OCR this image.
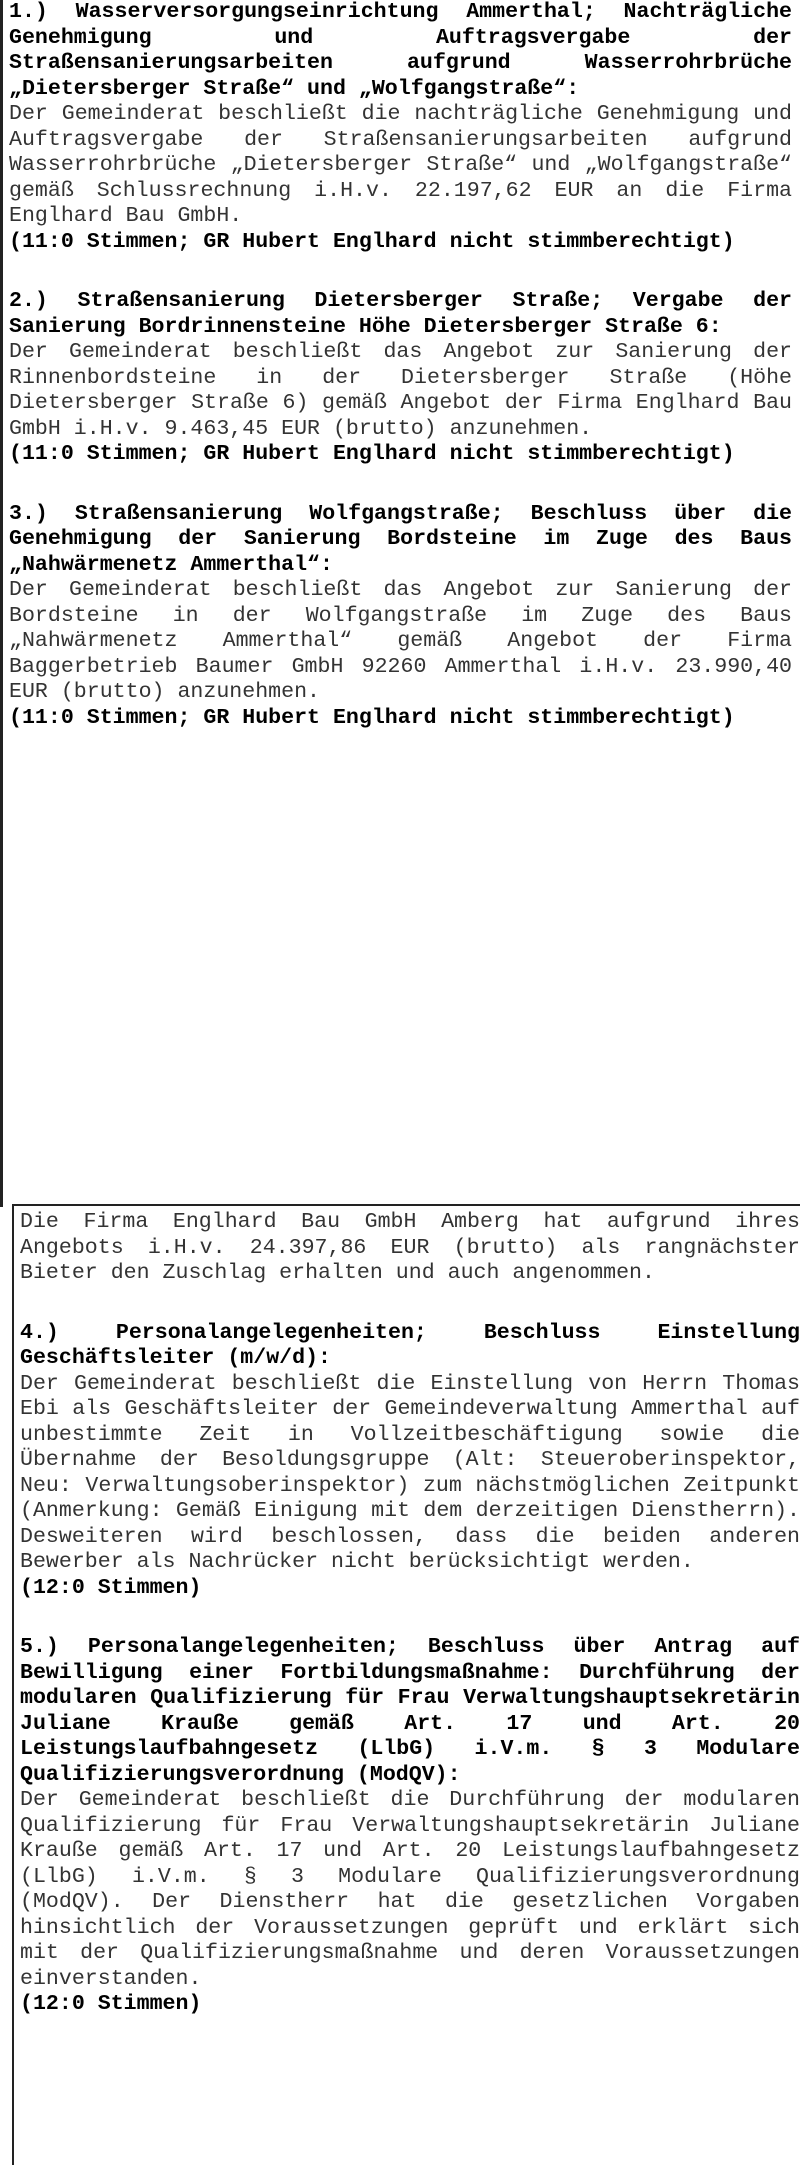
1.) Wasserversorgungseinrichtung Ammerthal; Nachträgliche Genehmigung und Auftragsvergabe der Straßensanierungsarbeiten aufgrund Wasserrohrbrüche „Dietersberger Straße“ und „Wolfgangstraße“:

Der Gemeinderat beschließt die nachträgliche Genehmigung und Auftragsvergabe der Straßensanierungsarbeiten aufgrund Wasserrohrbrüche „Dietersberger Straße“ und „Wolfgangstraße“ gemäß Schlussrechnung i.H.v. 22.197,62 EUR an die Firma Englhard Bau GmbH.

(11:0 Stimmen; GR Hubert Englhard nicht stimmberechtigt)

2.) Straßensanierung Dietersberger Straße; Vergabe der Sanierung Bordrinnensteine Höhe Dietersberger Straße 6:

Der Gemeinderat beschließt das Angebot zur Sanierung der Rinnenbordsteine in der Dietersberger Straße (Höhe Dietersberger Straße 6) gemäß Angebot der Firma Englhard Bau GmbH i.H.v. 9.463,45 EUR (brutto) anzunehmen.

(11:0 Stimmen; GR Hubert Englhard nicht stimmberechtigt)

3.) Straßensanierung Wolfgangstraße; Beschluss über die Genehmigung der Sanierung Bordsteine im Zuge des Baus „Nahwärmenetz Ammerthal“:

Der Gemeinderat beschließt das Angebot zur Sanierung der Bordsteine in der Wolfgangstraße im Zuge des Baus „Nahwärmenetz Ammerthal“ gemäß Angebot der Firma Baggerbetrieb Baumer GmbH 92260 Ammerthal i.H.v. 23.990,40 EUR (brutto) anzunehmen.

(11:0 Stimmen; GR Hubert Englhard nicht stimmberechtigt)

Die Firma Englhard Bau GmbH Amberg hat aufgrund ihres Angebots i.H.v. 24.397,86 EUR (brutto) als rangnächster Bieter den Zuschlag erhalten und auch angenommen.

4.) Personalangelegenheiten; Beschluss Einstellung Geschäftsleiter (m/w/d):

Der Gemeinderat beschließt die Einstellung von Herrn Thomas Ebi als Geschäftsleiter der Gemeindeverwaltung Ammerthal auf unbestimmte Zeit in Vollzeitbeschäftigung sowie die Übernahme der Besoldungsgruppe (Alt: Steueroberinspektor, Neu: Verwaltungsoberinspektor) zum nächstmöglichen Zeitpunkt (Anmerkung: Gemäß Einigung mit dem derzeitigen Dienstherrn). Desweiteren wird beschlossen, dass die beiden anderen Bewerber als Nachrücker nicht berücksichtigt werden.

(12:0 Stimmen)

5.) Personalangelegenheiten; Beschluss über Antrag auf Bewilligung einer Fortbildungsmaßnahme: Durchführung der modularen Qualifizierung für Frau Verwaltungshauptsekretärin Juliane Krauße gemäß Art. 17 und Art. 20 Leistungslaufbahngesetz (LlbG) i.V.m. § 3 Modulare Qualifizierungsverordnung (ModQV):

Der Gemeinderat beschließt die Durchführung der modularen Qualifizierung für Frau Verwaltungshauptsekretärin Juliane Krauße gemäß Art. 17 und Art. 20 Leistungslaufbahngesetz (LlbG) i.V.m. § 3 Modulare Qualifizierungsverordnung (ModQV). Der Dienstherr hat die gesetzlichen Vorgaben hinsichtlich der Voraussetzungen geprüft und erklärt sich mit der Qualifizierungsmaßnahme und deren Voraussetzungen einverstanden.

(12:0 Stimmen)
